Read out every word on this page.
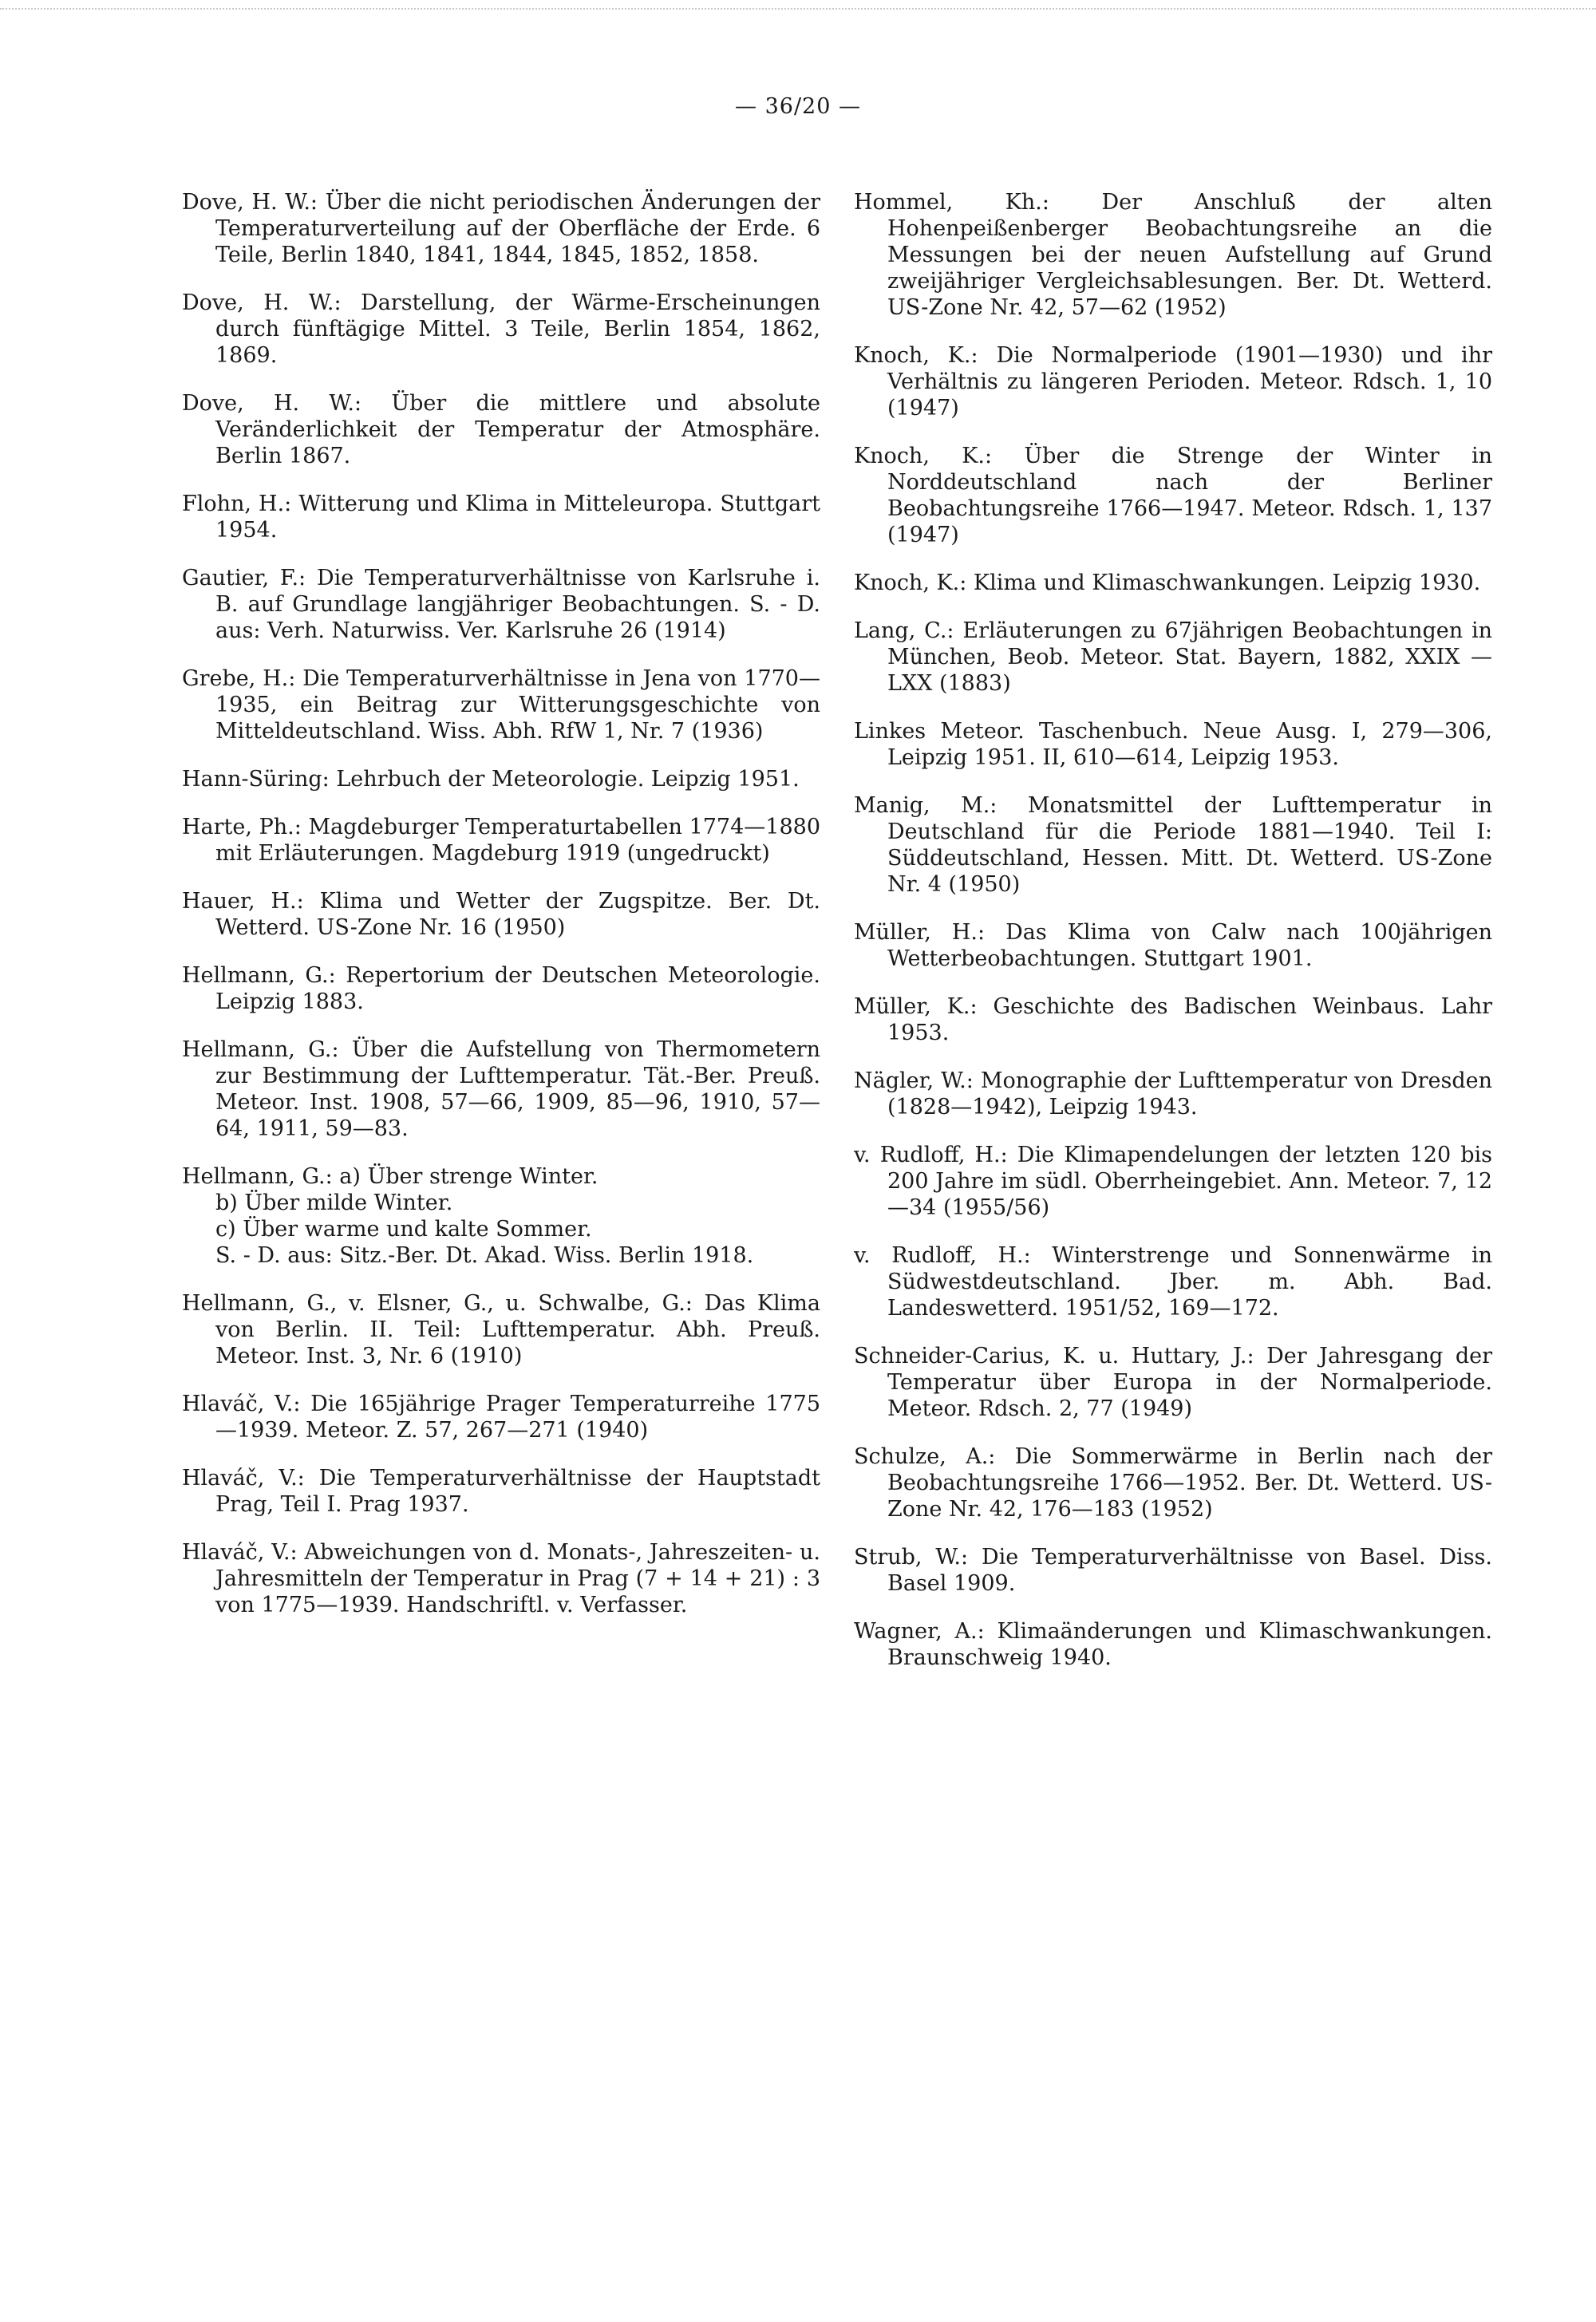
— 36/20 —

Dove, H. W.: Über die nicht periodischen Änderungen der Temperaturverteilung auf der Oberfläche der Erde. 6 Teile, Berlin 1840, 1841, 1844, 1845, 1852, 1858.

Dove, H. W.: Darstellung, der Wärme-Erscheinungen durch fünftägige Mittel. 3 Teile, Berlin 1854, 1862, 1869.

Dove, H. W.: Über die mittlere und absolute Veränderlichkeit der Temperatur der Atmosphäre. Berlin 1867.

Flohn, H.: Witterung und Klima in Mitteleuropa. Stuttgart 1954.

Gautier, F.: Die Temperaturverhältnisse von Karlsruhe i. B. auf Grundlage langjähriger Beobachtungen. S. - D. aus: Verh. Naturwiss. Ver. Karlsruhe 26 (1914)

Grebe, H.: Die Temperaturverhältnisse in Jena von 1770—1935, ein Beitrag zur Witterungsgeschichte von Mitteldeutschland. Wiss. Abh. RfW 1, Nr. 7 (1936)

Hann-Süring: Lehrbuch der Meteorologie. Leipzig 1951.

Harte, Ph.: Magdeburger Temperaturtabellen 1774—1880 mit Erläuterungen. Magdeburg 1919 (ungedruckt)

Hauer, H.: Klima und Wetter der Zugspitze. Ber. Dt. Wetterd. US-Zone Nr. 16 (1950)

Hellmann, G.: Repertorium der Deutschen Meteorologie. Leipzig 1883.

Hellmann, G.: Über die Aufstellung von Thermometern zur Bestimmung der Lufttemperatur. Tät.-Ber. Preuß. Meteor. Inst. 1908, 57—66, 1909, 85—96, 1910, 57—64, 1911, 59—83.

Hellmann, G.: a) Über strenge Winter.
b) Über milde Winter.
c) Über warme und kalte Sommer.
S. - D. aus: Sitz.-Ber. Dt. Akad. Wiss. Berlin 1918.

Hellmann, G., v. Elsner, G., u. Schwalbe, G.: Das Klima von Berlin. II. Teil: Lufttemperatur. Abh. Preuß. Meteor. Inst. 3, Nr. 6 (1910)

Hlaváč, V.: Die 165jährige Prager Temperaturreihe 1775—1939. Meteor. Z. 57, 267—271 (1940)

Hlaváč, V.: Die Temperaturverhältnisse der Hauptstadt Prag, Teil I. Prag 1937.

Hlaváč, V.: Abweichungen von d. Monats-, Jahreszeiten- u. Jahresmitteln der Temperatur in Prag (7 + 14 + 21) : 3 von 1775—1939. Handschriftl. v. Verfasser.

Hommel, Kh.: Der Anschluß der alten Hohenpeißenberger Beobachtungsreihe an die Messungen bei der neuen Aufstellung auf Grund zweijähriger Vergleichsablesungen. Ber. Dt. Wetterd. US-Zone Nr. 42, 57—62 (1952)

Knoch, K.: Die Normalperiode (1901—1930) und ihr Verhältnis zu längeren Perioden. Meteor. Rdsch. 1, 10 (1947)

Knoch, K.: Über die Strenge der Winter in Norddeutschland nach der Berliner Beobachtungsreihe 1766—1947. Meteor. Rdsch. 1, 137 (1947)

Knoch, K.: Klima und Klimaschwankungen. Leipzig 1930.

Lang, C.: Erläuterungen zu 67jährigen Beobachtungen in München, Beob. Meteor. Stat. Bayern, 1882, XXIX —LXX (1883)

Linkes Meteor. Taschenbuch. Neue Ausg. I, 279—306, Leipzig 1951. II, 610—614, Leipzig 1953.

Manig, M.: Monatsmittel der Lufttemperatur in Deutschland für die Periode 1881—1940. Teil I: Süddeutschland, Hessen. Mitt. Dt. Wetterd. US-Zone Nr. 4 (1950)

Müller, H.: Das Klima von Calw nach 100jährigen Wetterbeobachtungen. Stuttgart 1901.

Müller, K.: Geschichte des Badischen Weinbaus. Lahr 1953.

Nägler, W.: Monographie der Lufttemperatur von Dresden (1828—1942), Leipzig 1943.

v. Rudloff, H.: Die Klimapendelungen der letzten 120 bis 200 Jahre im südl. Oberrheingebiet. Ann. Meteor. 7, 12—34 (1955/56)

v. Rudloff, H.: Winterstrenge und Sonnenwärme in Südwestdeutschland. Jber. m. Abh. Bad. Landeswetterd. 1951/52, 169—172.

Schneider-Carius, K. u. Huttary, J.: Der Jahresgang der Temperatur über Europa in der Normalperiode. Meteor. Rdsch. 2, 77 (1949)

Schulze, A.: Die Sommerwärme in Berlin nach der Beobachtungsreihe 1766—1952. Ber. Dt. Wetterd. US-Zone Nr. 42, 176—183 (1952)

Strub, W.: Die Temperaturverhältnisse von Basel. Diss. Basel 1909.

Wagner, A.: Klimaänderungen und Klimaschwankungen. Braunschweig 1940.
